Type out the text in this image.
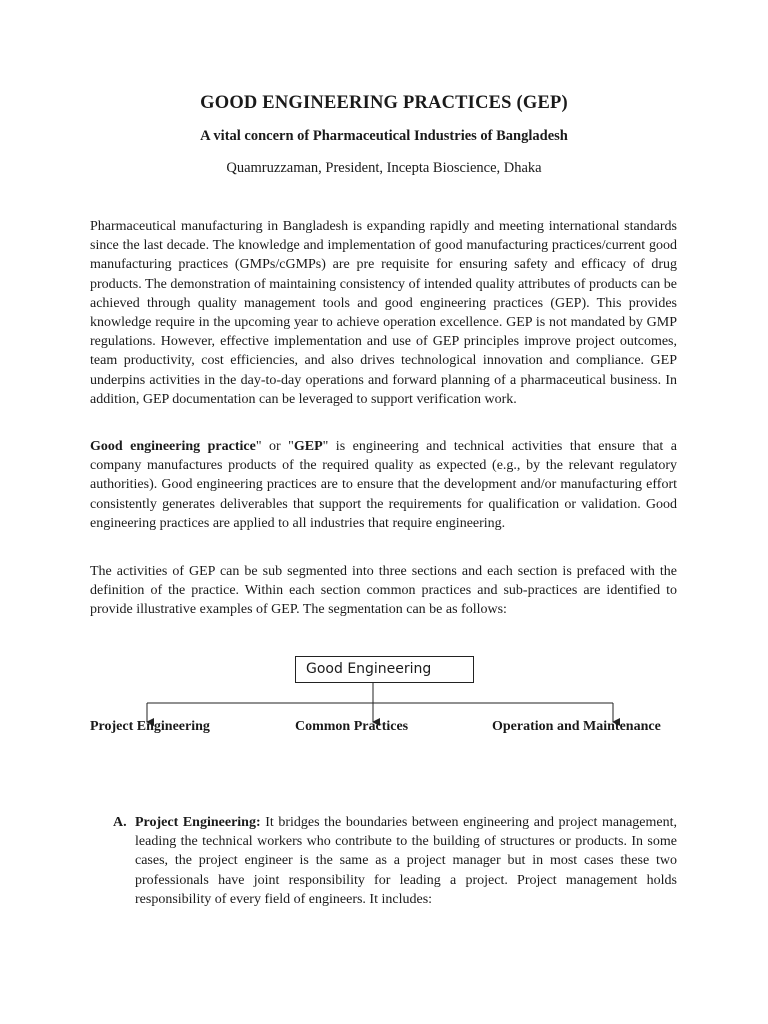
GOOD ENGINEERING PRACTICES (GEP)
A vital concern of Pharmaceutical Industries of Bangladesh
Quamruzzaman, President, Incepta Bioscience, Dhaka

Pharmaceutical manufacturing in Bangladesh is expanding rapidly and meeting international standards since the last decade. The knowledge and implementation of good manufacturing practices/current good manufacturing practices (GMPs/cGMPs) are pre requisite for ensuring safety and efficacy of drug products. The demonstration of maintaining consistency of intended quality attributes of products can be achieved through quality management tools and good engineering practices (GEP). This provides knowledge require in the upcoming year to achieve operation excellence. GEP is not mandated by GMP regulations. However, effective implementation and use of GEP principles improve project outcomes, team productivity, cost efficiencies, and also drives technological innovation and compliance. GEP underpins activities in the day-to-day operations and forward planning of a pharmaceutical business. In addition, GEP documentation can be leveraged to support verification work.

Good engineering practice" or "GEP" is engineering and technical activities that ensure that a company manufactures products of the required quality as expected (e.g., by the relevant regulatory authorities). Good engineering practices are to ensure that the development and/or manufacturing effort consistently generates deliverables that support the requirements for qualification or validation. Good engineering practices are applied to all industries that require engineering.

The activities of GEP can be sub segmented into three sections and each section is prefaced with the definition of the practice. Within each section common practices and sub-practices are identified to provide illustrative examples of GEP. The segmentation can be as follows:

Good Engineering
Project Engineering	Common Practices	Operation and Maintenance
A. Project Engineering: It bridges the boundaries between engineering and project management, leading the technical workers who contribute to the building of structures or products. In some cases, the project engineer is the same as a project manager but in most cases these two professionals have joint responsibility for leading a project. Project management holds responsibility of every field of engineers. It includes:
